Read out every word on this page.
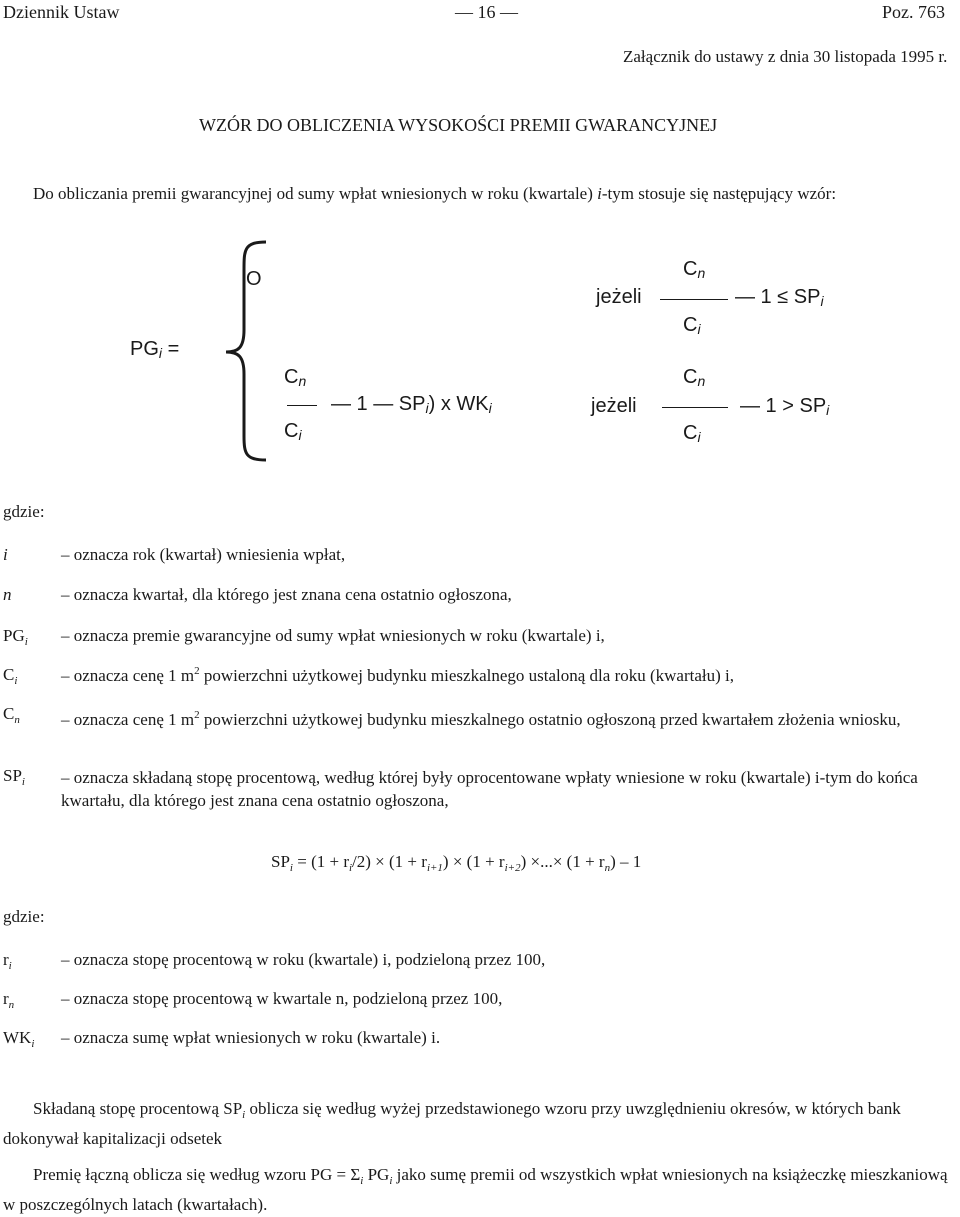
Dziennik Ustaw	— 16 —	Poz. 763
Załącznik do ustawy z dnia 30 listopada 1995 r.
WZÓR DO OBLICZENIA WYSOKOŚCI PREMII GWARANCYJNEJ
Do obliczania premii gwarancyjnej od sumy wpłat wniesionych w roku (kwartale) i-tym stosuje się następujący wzór:
PGi =
O
Cn
— 1 — SPi) x WKi
Ci
Cn
jeżeli	— 1 ≤ SPi
Ci
Cn
jeżeli	— 1 > SPi
Ci
gdzie:
i	– oznacza rok (kwartał) wniesienia wpłat,
n	– oznacza kwartał, dla którego jest znana cena ostatnio ogłoszona,
$PG_i$	– oznacza premie gwarancyjne od sumy wpłat wniesionych w roku (kwartale) i,
$C_i$	– oznacza cenę 1 $m^2$ powierzchni użytkowej budynku mieszkalnego ustaloną dla roku (kwartału) i,
$C_n$	– oznacza cenę 1 $m^2$ powierzchni użytkowej budynku mieszkalnego ostatnio ogłoszoną przed kwartałem złożenia wniosku,
$SP_i$	– oznacza składaną stopę procentową, według której były oprocentowane wpłaty wniesione w roku (kwartale) i-tym do końca kwartału, dla którego jest znana cena ostatnio ogłoszona,
$SP_i = (1 + r_i/2) \times (1 + r_{i+1}) \times (1 + r_{i+2})$ ×...× $(1 + r_n) - 1$
gdzie:
$r_i$	– oznacza stopę procentową w roku (kwartale) i, podzieloną przez 100,
$r_n$	– oznacza stopę procentową w kwartale n, podzieloną przez 100,
$WK_i$	– oznacza sumę wpłat wniesionych w roku (kwartale) i.
Składaną stopę procentową $SP_i$ oblicza się według wyżej przedstawionego wzoru przy uwzględnieniu okresów, w których bank dokonywał kapitalizacji odsetek
Premię łączną oblicza się według wzoru PG = $\Sigma_i$ $PG_i$ jako sumę premii od wszystkich wpłat wniesionych na książeczkę mieszkaniową w poszczególnych latach (kwartałach).
